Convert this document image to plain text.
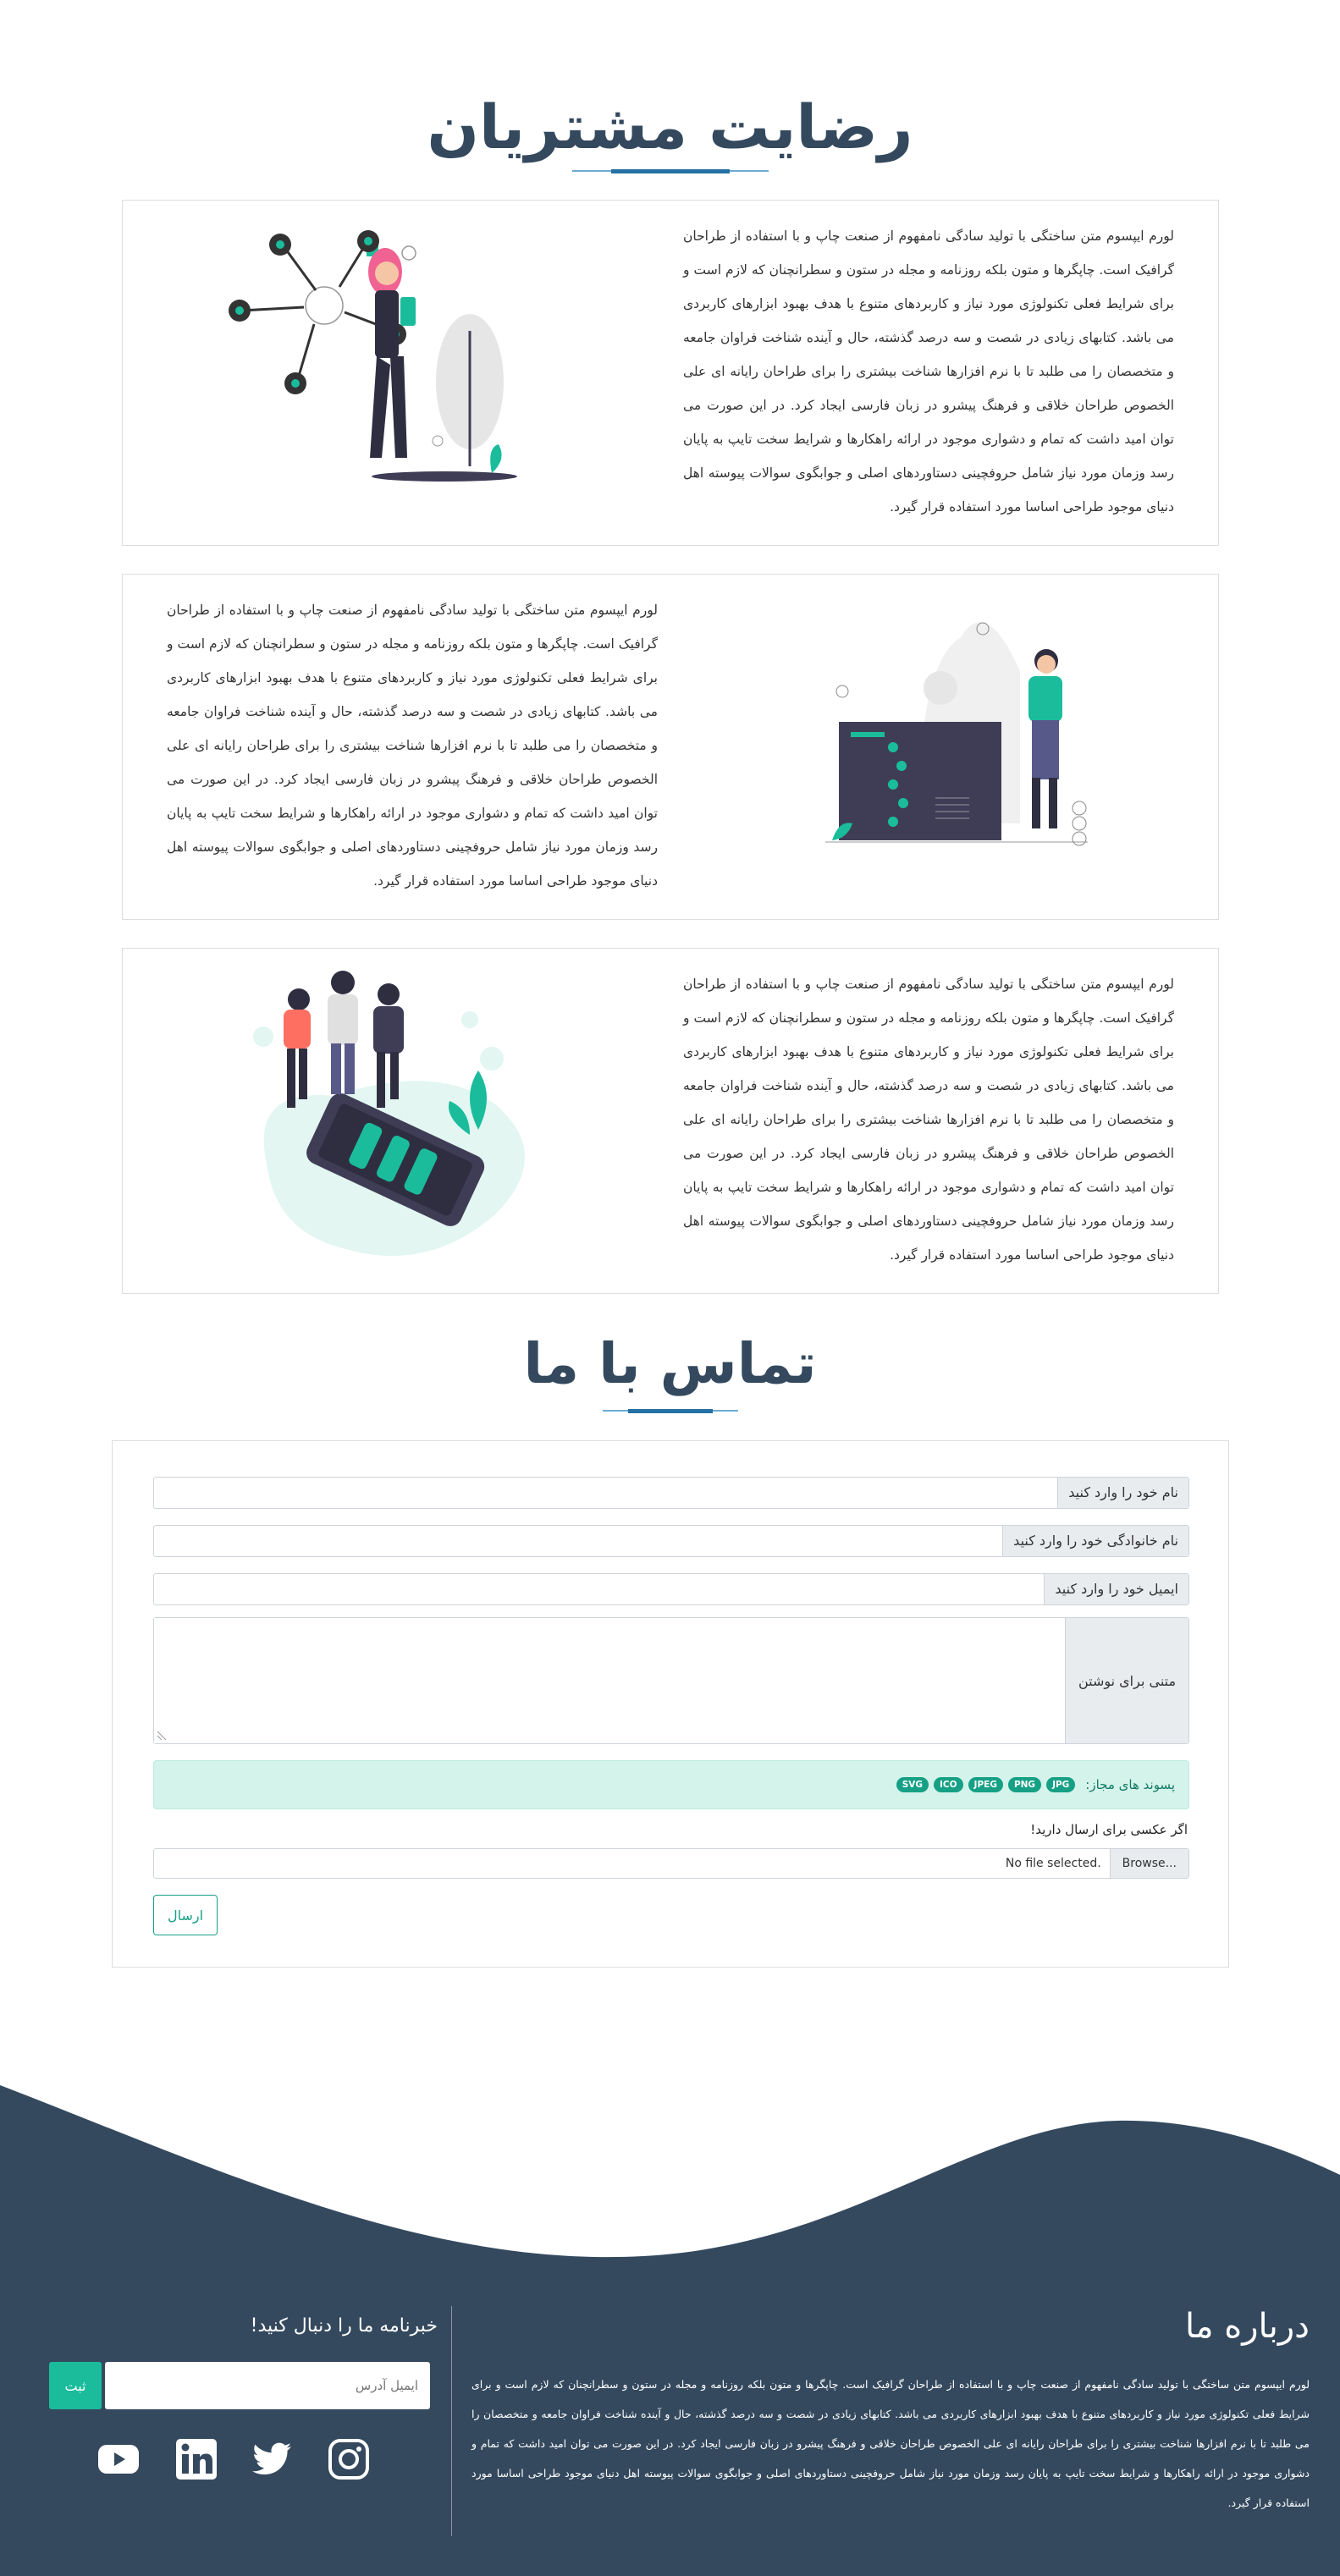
رضایت مشتریان
لورم ایپسوم متن ساختگی با تولید سادگی نامفهوم از صنعت چاپ و با استفاده از طراحان گرافیک است. چاپگرها و متون بلکه روزنامه و مجله در ستون و سطرانچنان که لازم است و برای شرایط فعلی تکنولوژی مورد نیاز و کاربردهای متنوع با هدف بهبود ابزارهای کاربردی می باشد. کتابهای زیادی در شصت و سه درصد گذشته، حال و آینده شناخت فراوان جامعه و متخصصان را می طلبد تا با نرم افزارها شناخت بیشتری را برای طراحان رایانه ای علی الخصوص طراحان خلاقی و فرهنگ پیشرو در زبان فارسی ایجاد کرد. در این صورت می توان امید داشت که تمام و دشواری موجود در ارائه راهکارها و شرایط سخت تایپ به پایان رسد وزمان مورد نیاز شامل حروفچینی دستاوردهای اصلی و جوابگوی سوالات پیوسته اهل دنیای موجود طراحی اساسا مورد استفاده قرار گیرد.
لورم ایپسوم متن ساختگی با تولید سادگی نامفهوم از صنعت چاپ و با استفاده از طراحان گرافیک است. چاپگرها و متون بلکه روزنامه و مجله در ستون و سطرانچنان که لازم است و برای شرایط فعلی تکنولوژی مورد نیاز و کاربردهای متنوع با هدف بهبود ابزارهای کاربردی می باشد. کتابهای زیادی در شصت و سه درصد گذشته، حال و آینده شناخت فراوان جامعه و متخصصان را می طلبد تا با نرم افزارها شناخت بیشتری را برای طراحان رایانه ای علی الخصوص طراحان خلاقی و فرهنگ پیشرو در زبان فارسی ایجاد کرد. در این صورت می توان امید داشت که تمام و دشواری موجود در ارائه راهکارها و شرایط سخت تایپ به پایان رسد وزمان مورد نیاز شامل حروفچینی دستاوردهای اصلی و جوابگوی سوالات پیوسته اهل دنیای موجود طراحی اساسا مورد استفاده قرار گیرد.
لورم ایپسوم متن ساختگی با تولید سادگی نامفهوم از صنعت چاپ و با استفاده از طراحان گرافیک است. چاپگرها و متون بلکه روزنامه و مجله در ستون و سطرانچنان که لازم است و برای شرایط فعلی تکنولوژی مورد نیاز و کاربردهای متنوع با هدف بهبود ابزارهای کاربردی می باشد. کتابهای زیادی در شصت و سه درصد گذشته، حال و آینده شناخت فراوان جامعه و متخصصان را می طلبد تا با نرم افزارها شناخت بیشتری را برای طراحان رایانه ای علی الخصوص طراحان خلاقی و فرهنگ پیشرو در زبان فارسی ایجاد کرد. در این صورت می توان امید داشت که تمام و دشواری موجود در ارائه راهکارها و شرایط سخت تایپ به پایان رسد وزمان مورد نیاز شامل حروفچینی دستاوردهای اصلی و جوابگوی سوالات پیوسته اهل دنیای موجود طراحی اساسا مورد استفاده قرار گیرد.
تماس با ما
نام خود را وارد کنید
نام خانوادگی خود را وارد کنید
ایمیل خود را وارد کنید
متنی برای نوشتن
پسوند های مجاز:
JPG
PNG
JPEG
ICO
SVG
اگر عکسی برای ارسال دارید!
Browse...
No file selected.
ارسال
درباره ما
لورم ایپسوم متن ساختگی با تولید سادگی نامفهوم از صنعت چاپ و با استفاده از طراحان گرافیک است. چاپگرها و متون بلکه روزنامه و مجله در ستون و سطرانچنان که لازم است و برای شرایط فعلی تکنولوژی مورد نیاز و کاربردهای متنوع با هدف بهبود ابزارهای کاربردی می باشد. کتابهای زیادی در شصت و سه درصد گذشته، حال و آینده شناخت فراوان جامعه و متخصصان را می طلبد تا با نرم افزارها شناخت بیشتری را برای طراحان رایانه ای علی الخصوص طراحان خلاقی و فرهنگ پیشرو در زبان فارسی ایجاد کرد. در این صورت می توان امید داشت که تمام و دشواری موجود در ارائه راهکارها و شرایط سخت تایپ به پایان رسد وزمان مورد نیاز شامل حروفچینی دستاوردهای اصلی و جوابگوی سوالات پیوسته اهل دنیای موجود طراحی اساسا مورد استفاده قرار گیرد.
خبرنامه ما را دنبال کنید!
ایمیل آدرس
ثبت
